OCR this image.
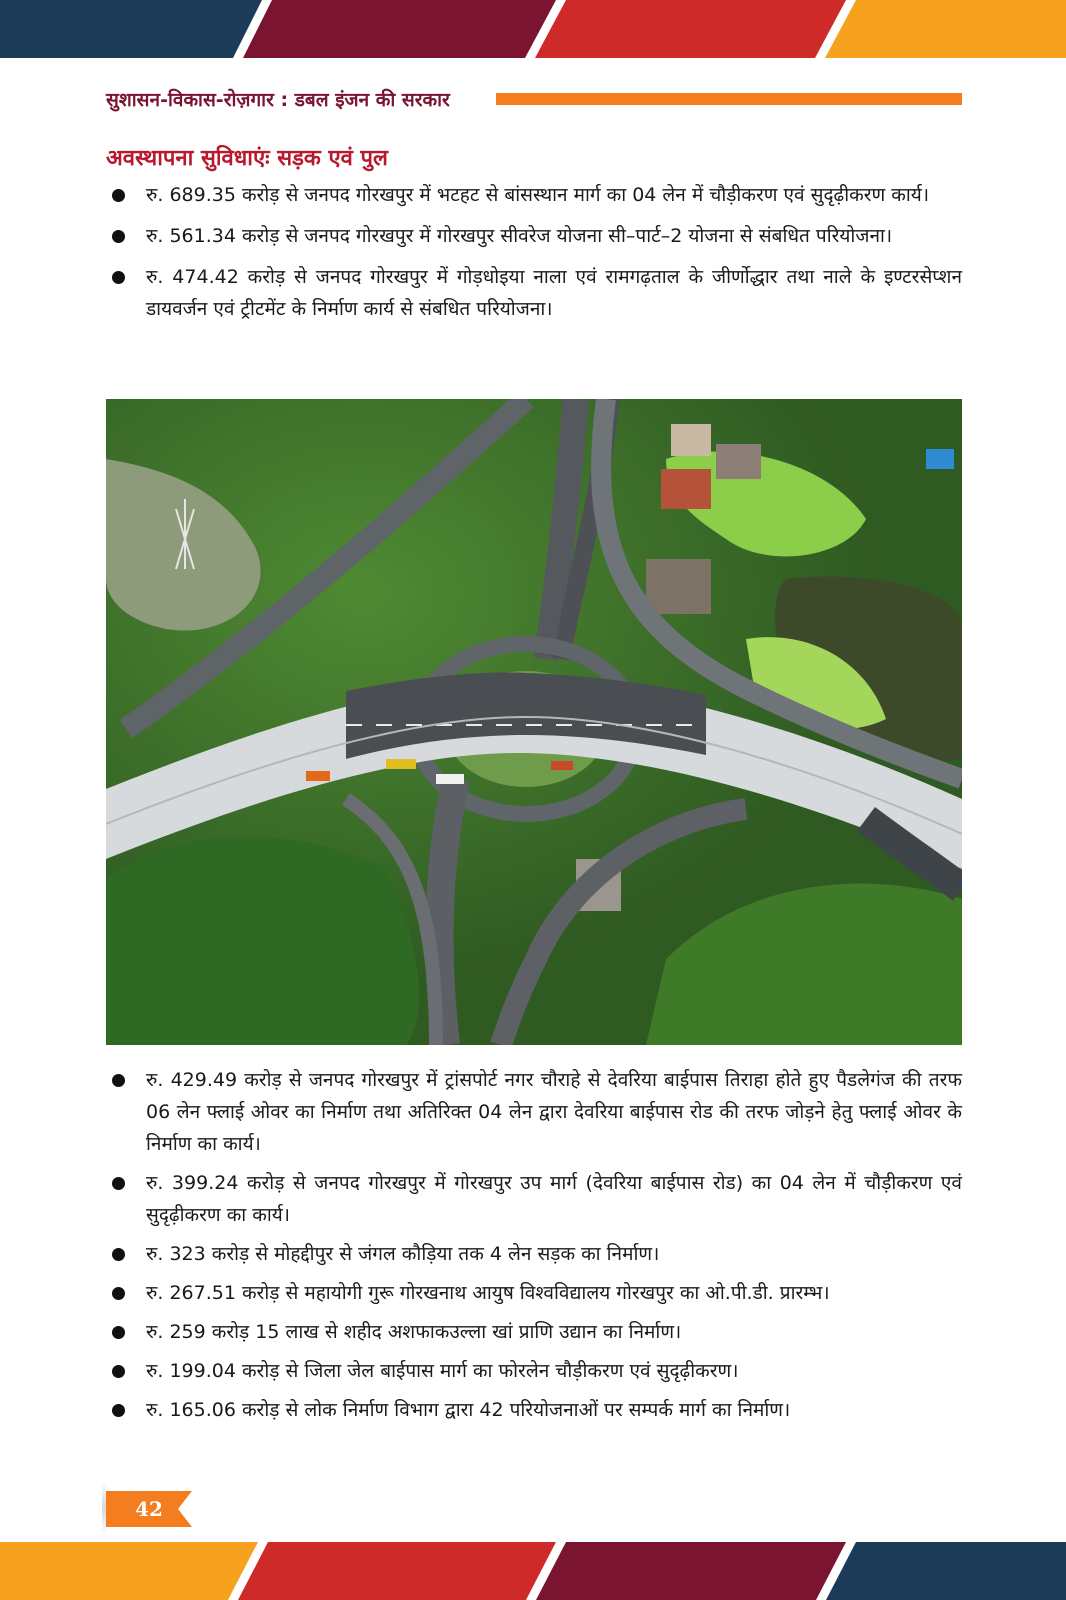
सुशासन-विकास-रोज़गार : डबल इंजन की सरकार
अवस्थापना सुविधाएंः सड़क एवं पुल
रु. 689.35 करोड़ से जनपद गोरखपुर में भटहट से बांसस्थान मार्ग का 04 लेन में चौड़ीकरण एवं सुदृढ़ीकरण कार्य।
रु. 561.34 करोड़ से जनपद गोरखपुर में गोरखपुर सीवरेज योजना सी–पार्ट–2 योजना से संबधित परियोजना।
रु. 474.42 करोड़ से जनपद गोरखपुर में गोड़धोइया नाला एवं रामगढ़ताल के जीर्णोद्धार तथा नाले के इण्टरसेप्शन डायवर्जन एवं ट्रीटमेंट के निर्माण कार्य से संबधित परियोजना।
रु. 429.49 करोड़ से जनपद गोरखपुर में ट्रांसपोर्ट नगर चौराहे से देवरिया बाईपास तिराहा होते हुए पैडलेगंज की तरफ 06 लेन फ्लाई ओवर का निर्माण तथा अतिरिक्त 04 लेन द्वारा देवरिया बाईपास रोड की तरफ जोड़ने हेतु फ्लाई ओवर के निर्माण का कार्य।
रु. 399.24 करोड़ से जनपद गोरखपुर में गोरखपुर उप मार्ग (देवरिया बाईपास रोड) का 04 लेन में चौड़ीकरण एवं सुदृढ़ीकरण का कार्य।
रु. 323 करोड़ से मोहद्दीपुर से जंगल कौड़िया तक 4 लेन सड़क का निर्माण।
रु. 267.51 करोड़ से महायोगी गुरू गोरखनाथ आयुष विश्वविद्यालय गोरखपुर का ओ.पी.डी. प्रारम्भ।
रु. 259 करोड़ 15 लाख से शहीद अशफाकउल्ला खां प्राणि उद्यान का निर्माण।
रु. 199.04 करोड़ से जिला जेल बाईपास मार्ग का फोरलेन चौड़ीकरण एवं सुदृढ़ीकरण।
रु. 165.06 करोड़ से लोक निर्माण विभाग द्वारा 42 परियोजनाओं पर सम्पर्क मार्ग का निर्माण।
42
